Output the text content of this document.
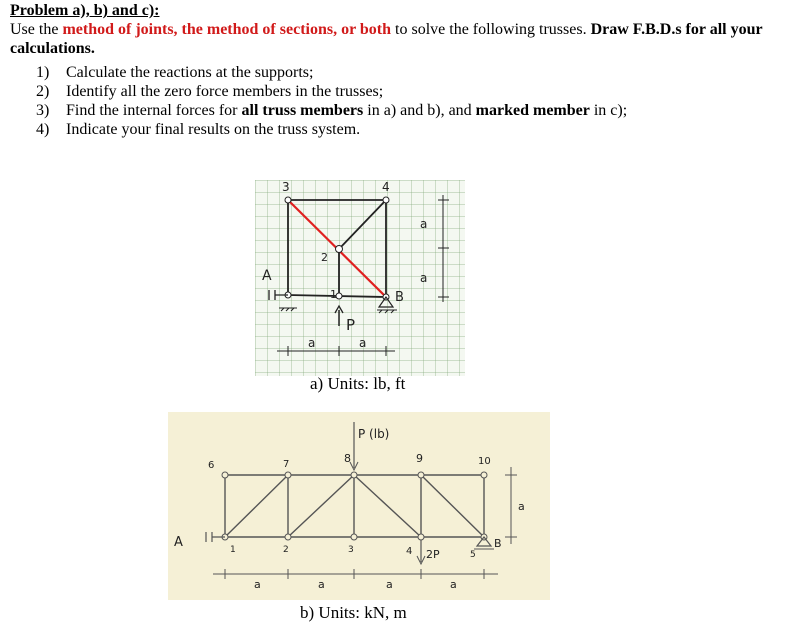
Problem a), b) and c):
Use the method of joints, the method of sections, or both to solve the following trusses. Draw F.B.D.s for all your calculations.
1) Calculate the reactions at the supports;
2) Identify all the zero force members in the trusses;
3) Find the internal forces for all truss members in a) and b), and marked member in c);
4) Indicate your final results on the truss system.
3	4
2
1
A
B
P
a
a
a	a
a) Units: lb, ft
P (lb)
6	7	8	9	10
1	2	3	4	5
A	B
2P
a	a	a	a
a
b) Units: kN, m
